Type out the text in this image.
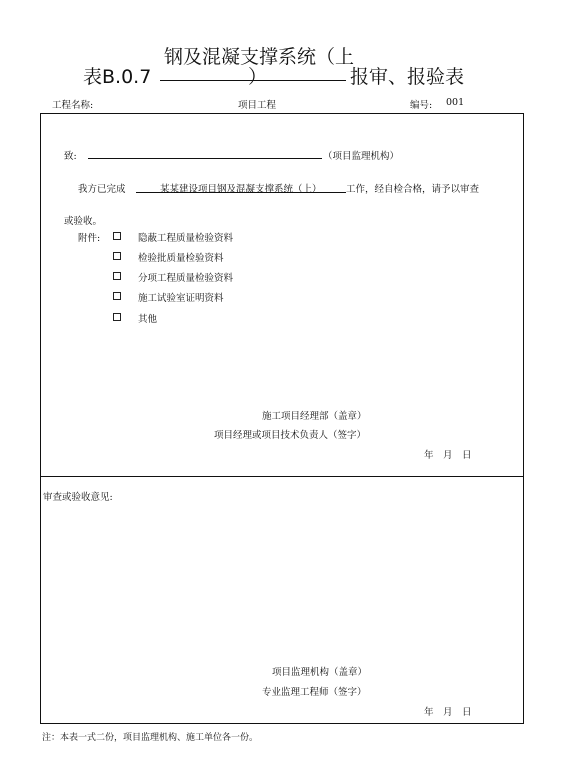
钢及混凝支撑系统（上
表B.0.7	）	报审、报验表
工程名称:	项目工程	编号: 001
致:	（项目监理机构）
我方已完成	某某建设项目钢及混凝支撑系统（上）	工作，经自检合格，请予以审查
或验收。
附件:	隐蔽工程质量检验资料
检验批质量检验资料
分项工程质量检验资料
施工试验室证明资料
其他
施工项目经理部（盖章）
项目经理或项目技术负责人（签字）
年　月　日
审查或验收意见:
项目监理机构（盖章）
专业监理工程师（签字）
年　月　日
注：本表一式二份，项目监理机构、施工单位各一份。
